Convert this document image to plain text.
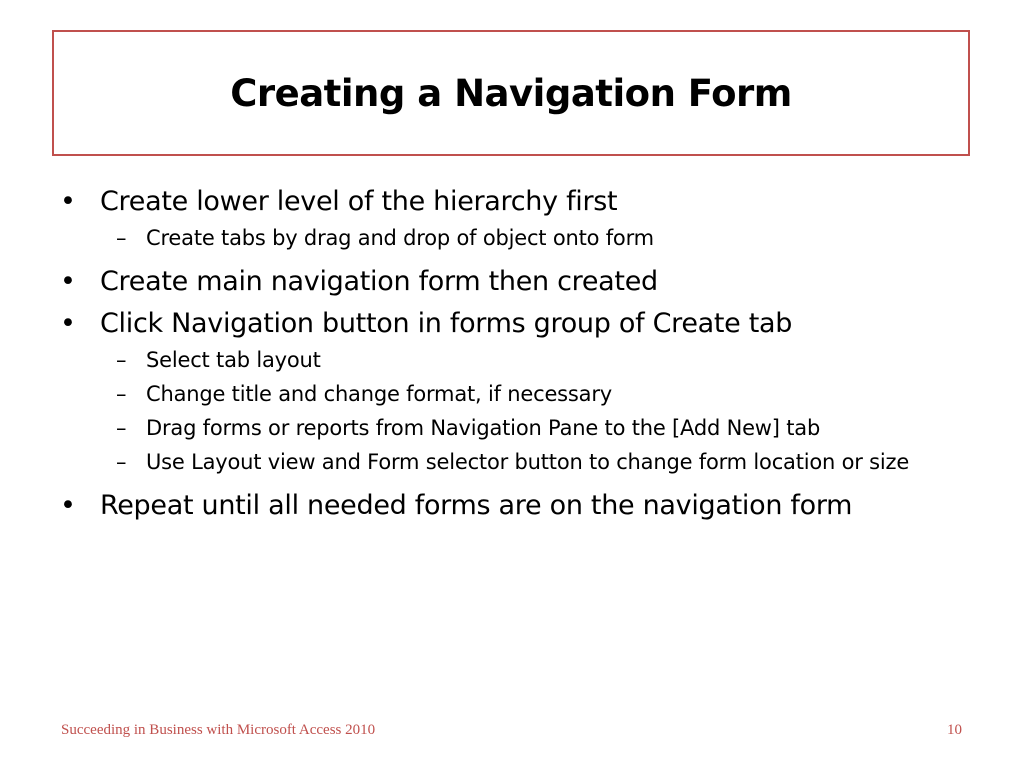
Creating a Navigation Form
• Create lower level of the hierarchy first
– Create tabs by drag and drop of object onto form
• Create main navigation form then created
• Click Navigation button in forms group of Create tab
– Select tab layout
– Change title and change format, if necessary
– Drag forms or reports from Navigation Pane to the [Add New] tab
– Use Layout view and Form selector button to change form location or size
• Repeat until all needed forms are on the navigation form
Succeeding in Business with Microsoft Access 2010	10
